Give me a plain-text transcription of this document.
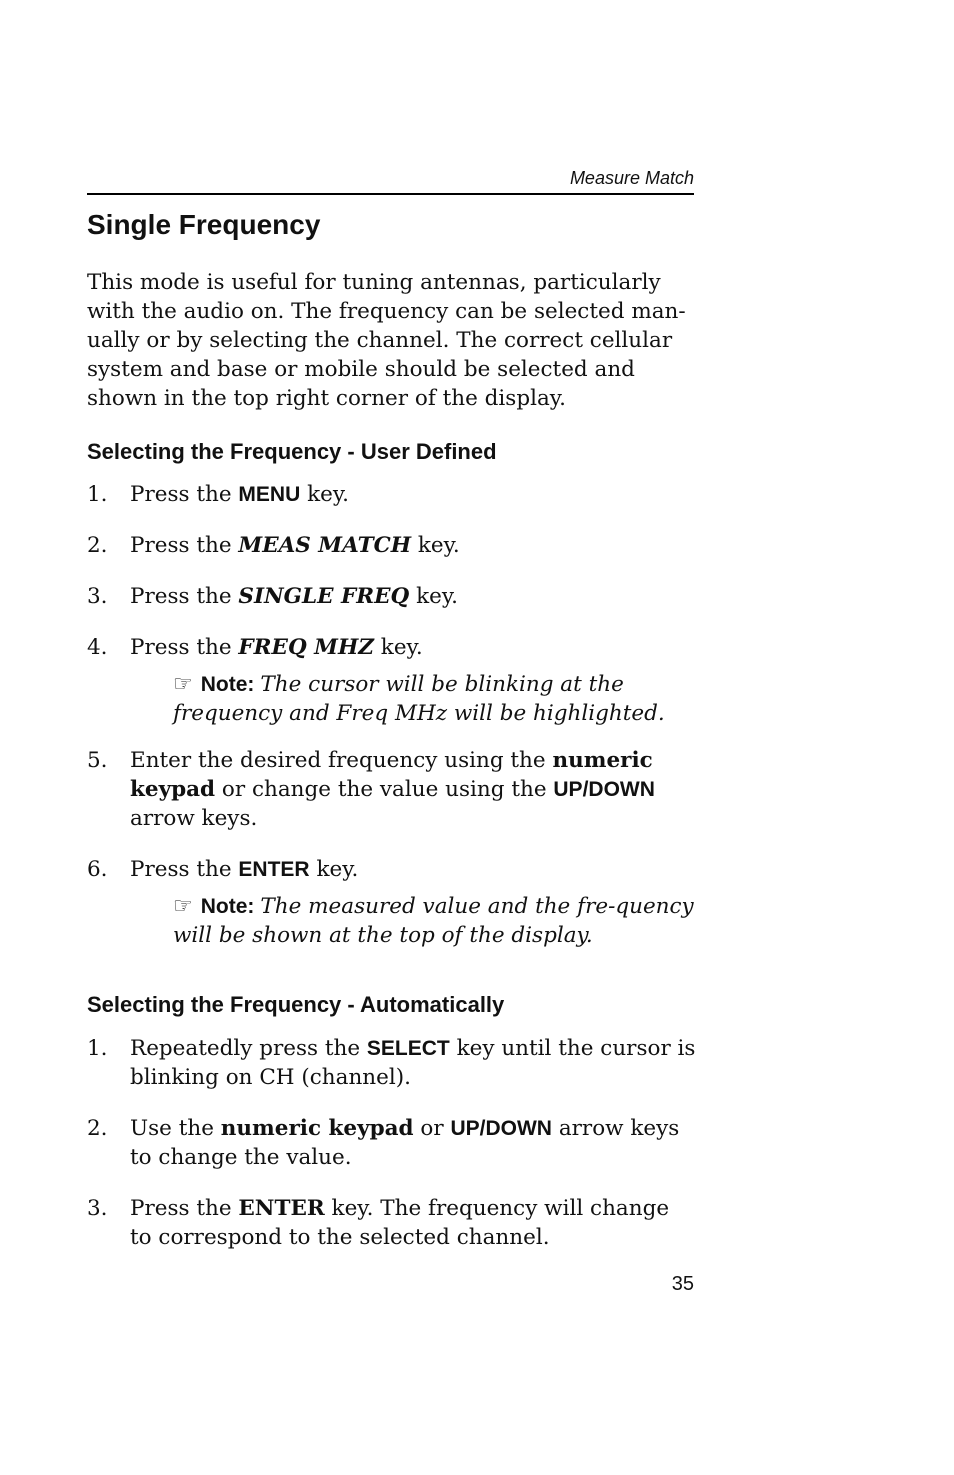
Measure Match
Single Frequency

This mode is useful for tuning antennas, particularly with the audio on. The frequency can be selected man-ually or by selecting the channel. The correct cellular system and base or mobile should be selected and shown in the top right corner of the display.

Selecting the Frequency - User Defined
1. Press the MENU key.
2. Press the MEAS MATCH key.
3. Press the SINGLE FREQ key.
4. Press the FREQ MHZ key.
☞ Note: The cursor will be blinking at the frequency and Freq MHz will be highlighted.
5. Enter the desired frequency using the numeric keypad or change the value using the UP/DOWN arrow keys.
6. Press the ENTER key.
☞ Note: The measured value and the fre-quency will be shown at the top of the display.
Selecting the Frequency - Automatically
1. Repeatedly press the SELECT key until the cursor is blinking on CH (channel).
2. Use the numeric keypad or UP/DOWN arrow keys to change the value.
3. Press the ENTER key. The frequency will change to correspond to the selected channel.
35
